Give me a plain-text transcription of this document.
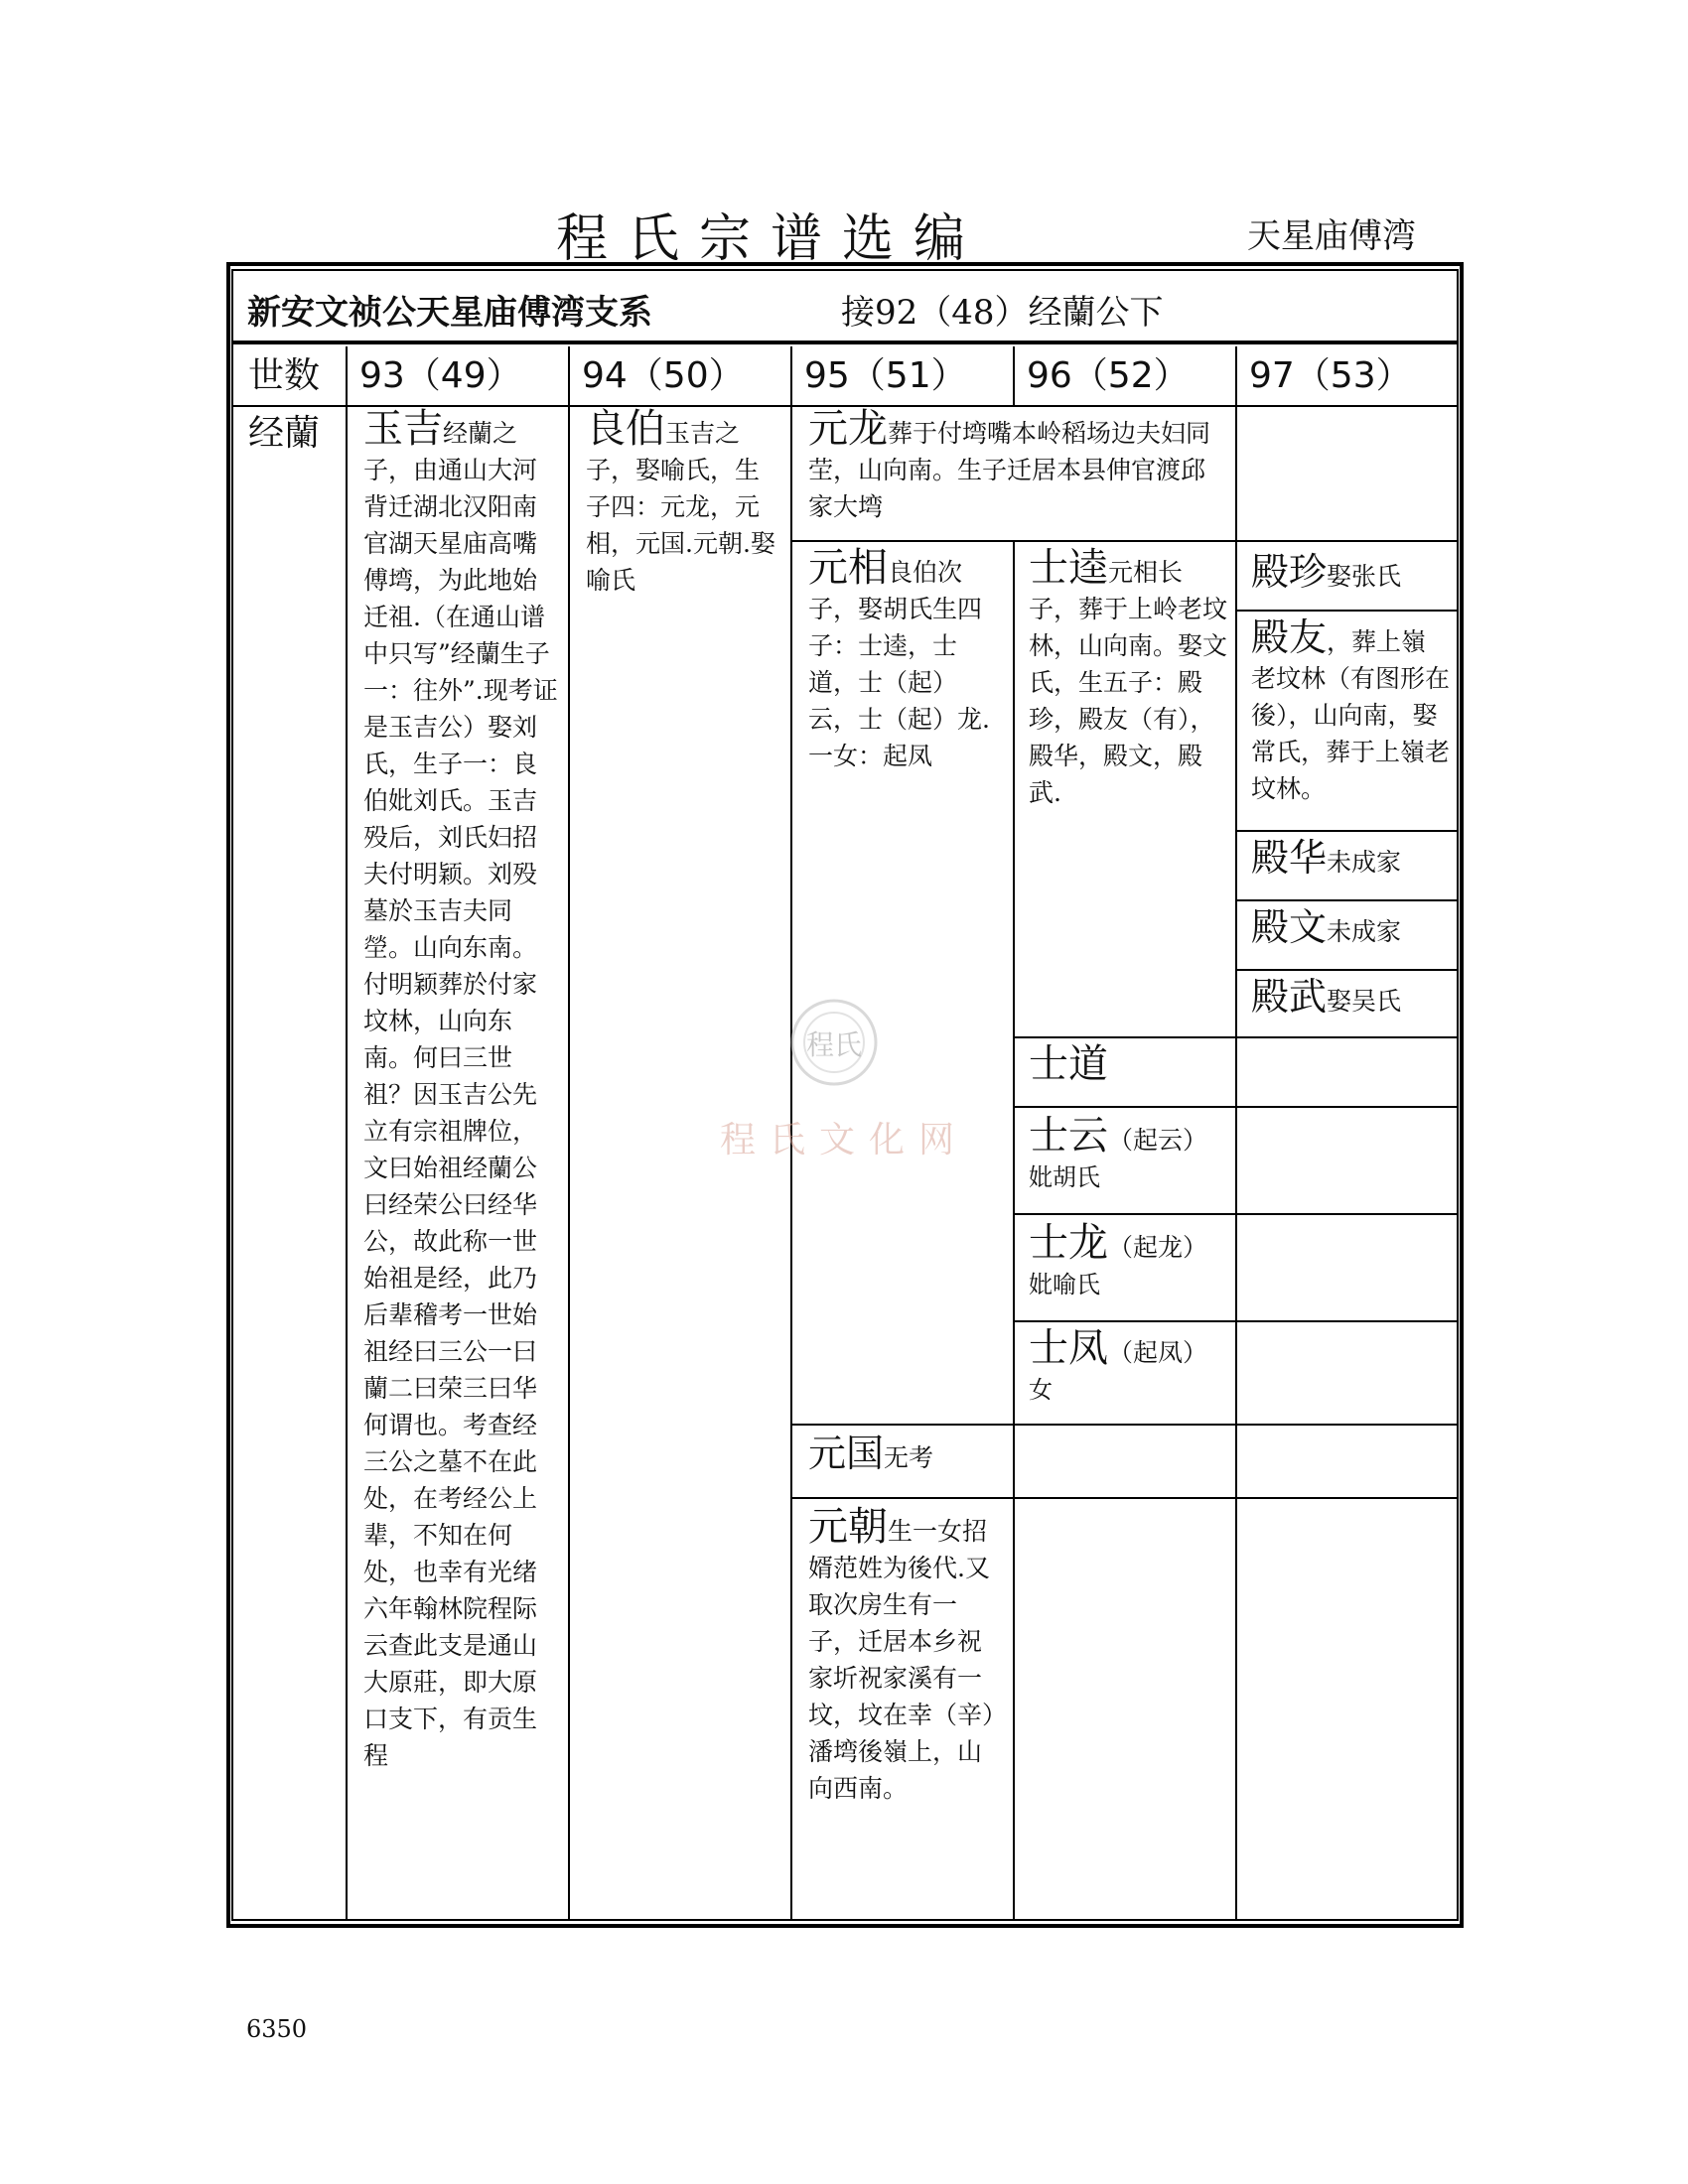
程氏宗谱选编	天星庙傅湾
新安文祯公天星庙傅湾支系	接92（48）经蘭公下
世数 93（49） 94（50） 95（51） 96（52） 97（53）
经蘭 玉吉经蘭之子，由通山大河背迁湖北汉阳南官湖天星庙高嘴傅塆，为此地始迁祖.（在通山谱中只写”经蘭生子一：往外”.现考证是玉吉公）娶刘氏，生子一：良伯妣刘氏。玉吉殁后，刘氏妇招夫付明颖。刘殁墓於玉吉夫同塋。山向东南。付明颖葬於付家坟林，山向东南。何曰三世祖？因玉吉公先立有宗祖牌位，文曰始祖经蘭公曰经荣公曰经华公，故此称一世始祖是经，此乃后辈稽考一世始祖经曰三公一曰蘭二曰荣三曰华何谓也。考查经三公之墓不在此处，在考经公上辈，不知在何处，也幸有光绪六年翰林院程际云查此支是通山大原莊，即大原口支下，有贡生程
良伯玉吉之子，娶喻氏，生子四：元龙，元相，元国.元朝.娶喻氏
元龙葬于付塆嘴本岭稻场边夫妇同茔，山向南。生子迁居本县伸官渡邱家大塆
元相良伯次子，娶胡氏生四子：士逵，士道，士（起）云，士（起）龙.一女：起凤
元国无考
元朝生一女招婿范姓为後代.又取次房生有一子，迁居本乡祝家圻祝家溪有一坟，坟在幸（辛）潘塆後嶺上，山向西南。
士逵元相长子，葬于上岭老坟林，山向南。娶文氏，生五子：殿珍，殿友（有），殿华，殿文，殿武.
士道
士云（起云）
妣胡氏
士龙（起龙）
妣喻氏
士凤（起凤）
女
殿珍娶张氏
殿友，葬上嶺老坟林（有图形在後），山向南，娶常氏，葬于上嶺老坟林。
殿华未成家
殿文未成家
殿武娶吴氏
程氏
程氏文化网
6350
